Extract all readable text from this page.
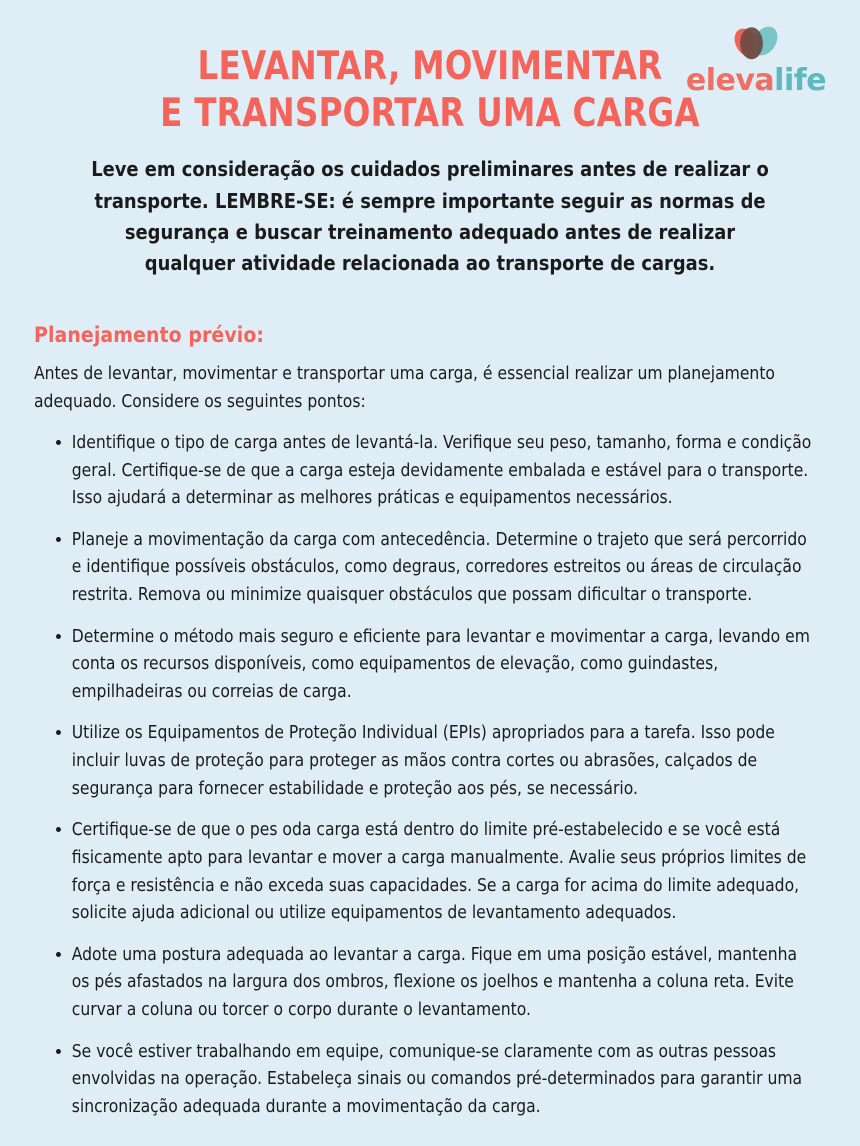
elevalife
LEVANTAR, MOVIMENTAR
E TRANSPORTAR UMA CARGA
Leve em consideração os cuidados preliminares antes de realizar o transporte. LEMBRE-SE: é sempre importante seguir as normas de segurança e buscar treinamento adequado antes de realizar qualquer atividade relacionada ao transporte de cargas.
Planejamento prévio:
Antes de levantar, movimentar e transportar uma carga, é essencial realizar um planejamento adequado. Considere os seguintes pontos:
Identifique o tipo de carga antes de levantá-la. Verifique seu peso, tamanho, forma e condição geral. Certifique-se de que a carga esteja devidamente embalada e estável para o transporte. Isso ajudará a determinar as melhores práticas e equipamentos necessários.
Planeje a movimentação da carga com antecedência. Determine o trajeto que será percorrido e identifique possíveis obstáculos, como degraus, corredores estreitos ou áreas de circulação restrita. Remova ou minimize quaisquer obstáculos que possam dificultar o transporte.
Determine o método mais seguro e eficiente para levantar e movimentar a carga, levando em conta os recursos disponíveis, como equipamentos de elevação, como guindastes, empilhadeiras ou correias de carga.
Utilize os Equipamentos de Proteção Individual (EPIs) apropriados para a tarefa. Isso pode incluir luvas de proteção para proteger as mãos contra cortes ou abrasões, calçados de segurança para fornecer estabilidade e proteção aos pés, se necessário.
Certifique-se de que o pes oda carga está dentro do limite pré-estabelecido e se você está fisicamente apto para levantar e mover a carga manualmente. Avalie seus próprios limites de força e resistência e não exceda suas capacidades. Se a carga for acima do limite adequado, solicite ajuda adicional ou utilize equipamentos de levantamento adequados.
Adote uma postura adequada ao levantar a carga. Fique em uma posição estável, mantenha os pés afastados na largura dos ombros, flexione os joelhos e mantenha a coluna reta. Evite curvar a coluna ou torcer o corpo durante o levantamento.
Se você estiver trabalhando em equipe, comunique-se claramente com as outras pessoas envolvidas na operação. Estabeleça sinais ou comandos pré-determinados para garantir uma sincronização adequada durante a movimentação da carga.
